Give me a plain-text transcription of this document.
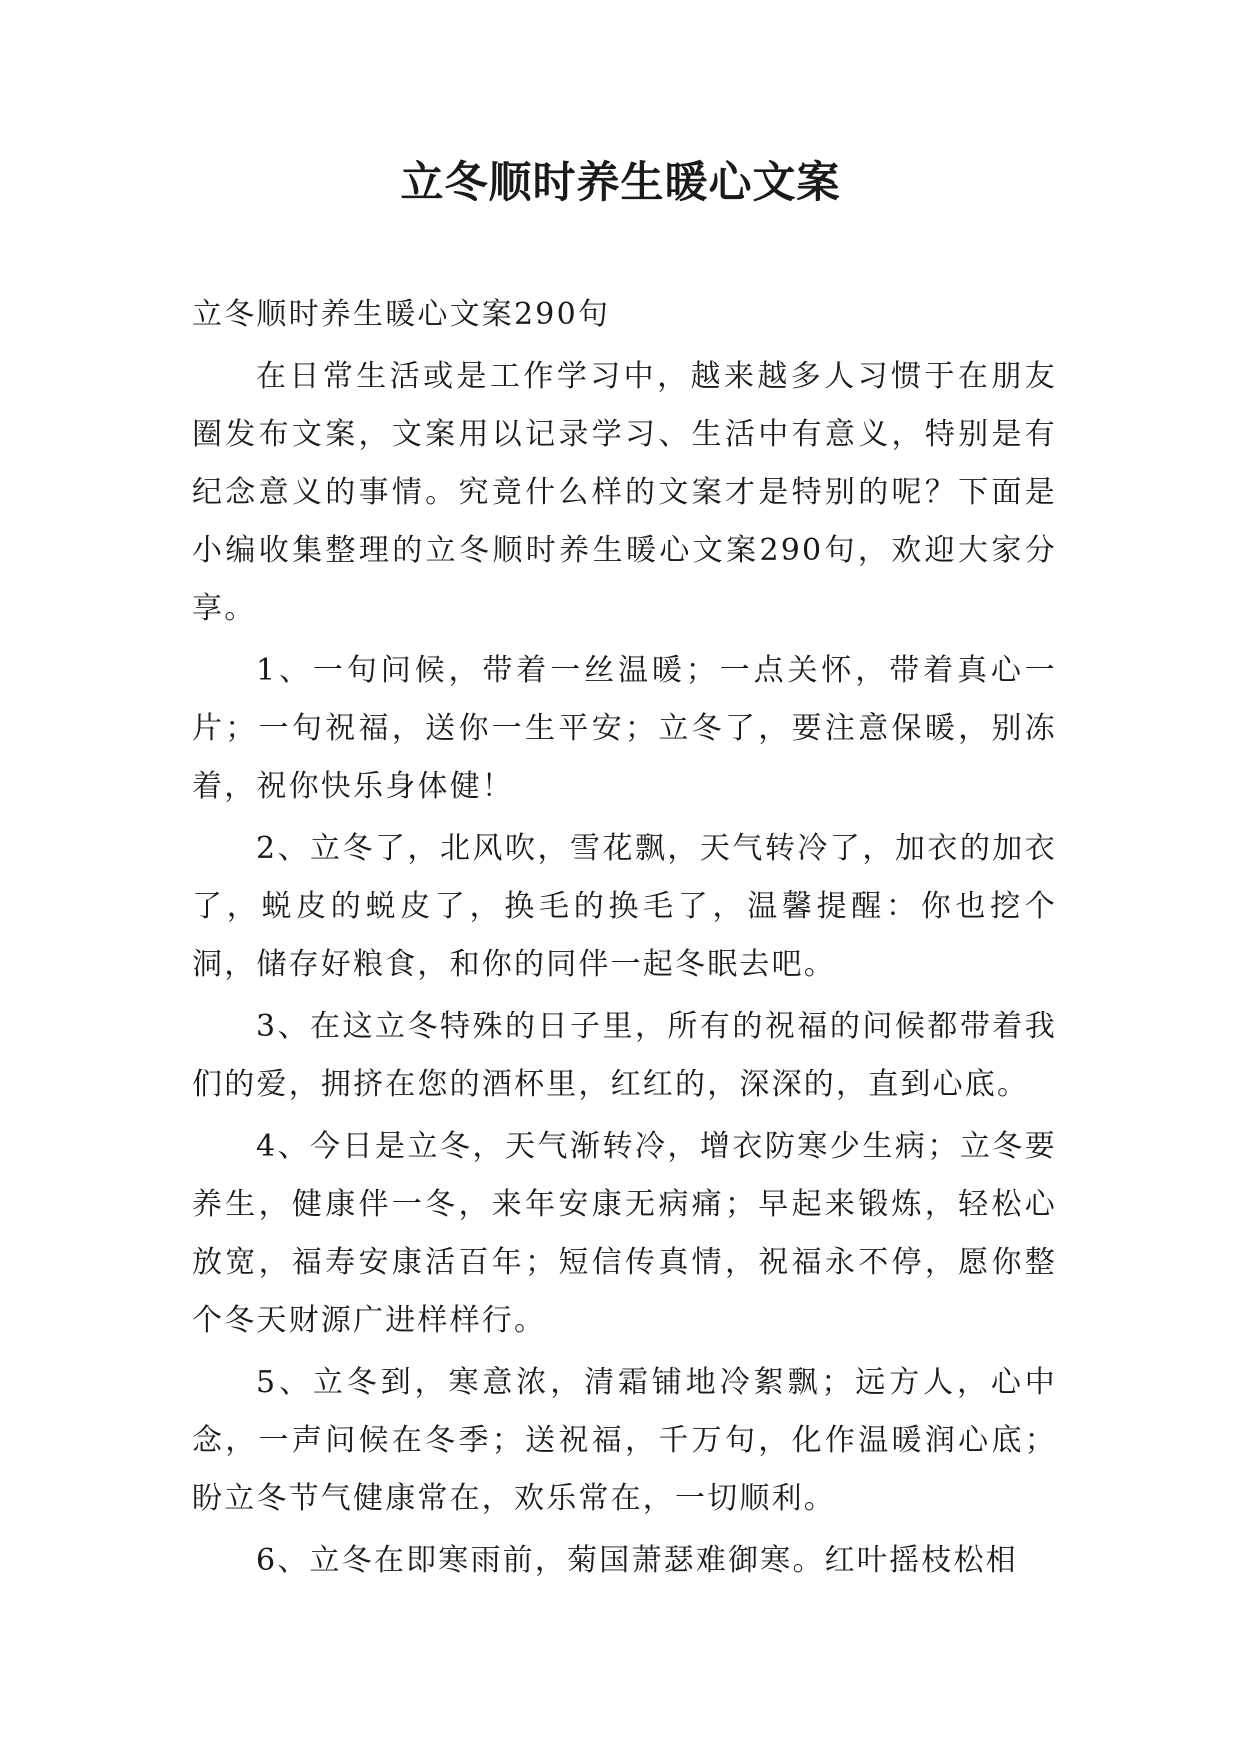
立冬顺时养生暖心文案

立冬顺时养生暖心文案290句

在日常生活或是工作学习中，越来越多人习惯于在朋友圈发布文案，文案用以记录学习、生活中有意义，特别是有纪念意义的事情。究竟什么样的文案才是特别的呢？下面是小编收集整理的立冬顺时养生暖心文案290句，欢迎大家分享。

1、一句问候，带着一丝温暖；一点关怀，带着真心一片；一句祝福，送你一生平安；立冬了，要注意保暖，别冻着，祝你快乐身体健！

2、立冬了，北风吹，雪花飘，天气转冷了，加衣的加衣了，蜕皮的蜕皮了，换毛的换毛了，温馨提醒：你也挖个洞，储存好粮食，和你的同伴一起冬眠去吧。

3、在这立冬特殊的日子里，所有的祝福的问候都带着我们的爱，拥挤在您的酒杯里，红红的，深深的，直到心底。

4、今日是立冬，天气渐转冷，增衣防寒少生病；立冬要养生，健康伴一冬，来年安康无病痛；早起来锻炼，轻松心放宽，福寿安康活百年；短信传真情，祝福永不停，愿你整个冬天财源广进样样行。

5、立冬到，寒意浓，清霜铺地冷絮飘；远方人，心中念，一声问候在冬季；送祝福，千万句，化作温暖润心底；盼立冬节气健康常在，欢乐常在，一切顺利。

6、立冬在即寒雨前，菊国萧瑟难御寒。红叶摇枝松相
